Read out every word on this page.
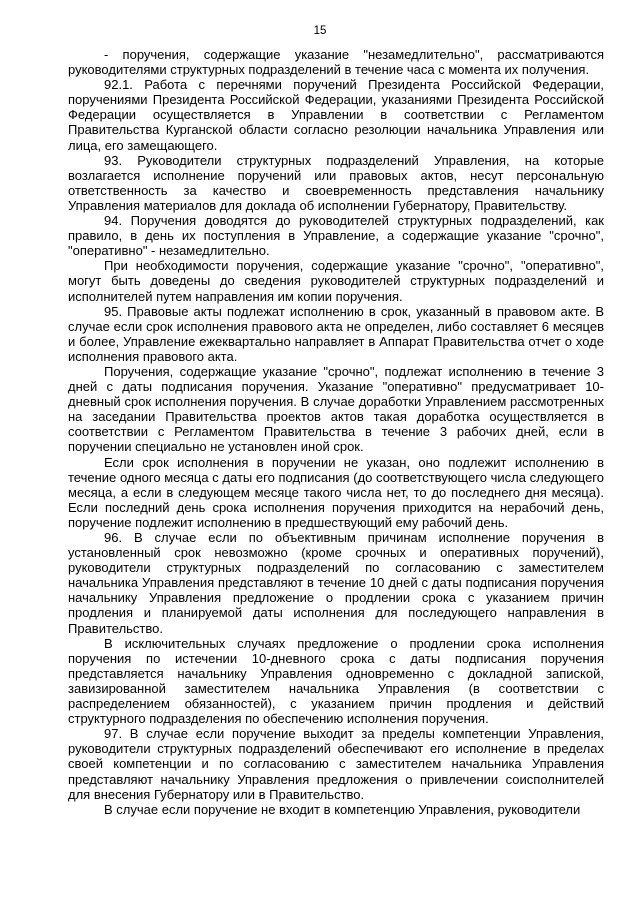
15

- поручения, содержащие указание "незамедлительно", рассматриваются руководителями структурных подразделений в течение часа с момента их получения.

92.1. Работа с перечнями поручений Президента Российской Федерации, поручениями Президента Российской Федерации, указаниями Президента Российской Федерации осуществляется в Управлении в соответствии с Регламентом Правительства Курганской области согласно резолюции начальника Управления или лица, его замещающего.

93. Руководители структурных подразделений Управления, на которые возлагается исполнение поручений или правовых актов, несут персональную ответственность за качество и своевременность представления начальнику Управления материалов для доклада об исполнении Губернатору, Правительству.

94. Поручения доводятся до руководителей структурных подразделений, как правило, в день их поступления в Управление, а содержащие указание "срочно", "оперативно" - незамедлительно.

При необходимости поручения, содержащие указание "срочно", "оперативно", могут быть доведены до сведения руководителей структурных подразделений и исполнителей путем направления им копии поручения.

95. Правовые акты подлежат исполнению в срок, указанный в правовом акте. В случае если срок исполнения правового акта не определен, либо составляет 6 месяцев и более, Управление ежеквартально направляет в Аппарат Правительства отчет о ходе исполнения правового акта.

Поручения, содержащие указание "срочно", подлежат исполнению в течение 3 дней с даты подписания поручения. Указание "оперативно" предусматривает 10-дневный срок исполнения поручения. В случае доработки Управлением рассмотренных на заседании Правительства проектов актов такая доработка осуществляется в соответствии с Регламентом Правительства в течение 3 рабочих дней, если в поручении специально не установлен иной срок.

Если срок исполнения в поручении не указан, оно подлежит исполнению в течение одного месяца с даты его подписания (до соответствующего числа следующего месяца, а если в следующем месяце такого числа нет, то до последнего дня месяца). Если последний день срока исполнения поручения приходится на нерабочий день, поручение подлежит исполнению в предшествующий ему рабочий день.

96. В случае если по объективным причинам исполнение поручения в установленный срок невозможно (кроме срочных и оперативных поручений), руководители структурных подразделений по согласованию с заместителем начальника Управления представляют в течение 10 дней с даты подписания поручения начальнику Управления предложение о продлении срока с указанием причин продления и планируемой даты исполнения для последующего направления в Правительство.

В исключительных случаях предложение о продлении срока исполнения поручения по истечении 10-дневного срока с даты подписания поручения представляется начальнику Управления одновременно с докладной запиской, завизированной заместителем начальника Управления (в соответствии с распределением обязанностей), с указанием причин продления и действий структурного подразделения по обеспечению исполнения поручения.

97. В случае если поручение выходит за пределы компетенции Управления, руководители структурных подразделений обеспечивают его исполнение в пределах своей компетенции и по согласованию с заместителем начальника Управления представляют начальнику Управления предложения о привлечении соисполнителей для внесения Губернатору или в Правительство.

В случае если поручение не входит в компетенцию Управления, руководители
